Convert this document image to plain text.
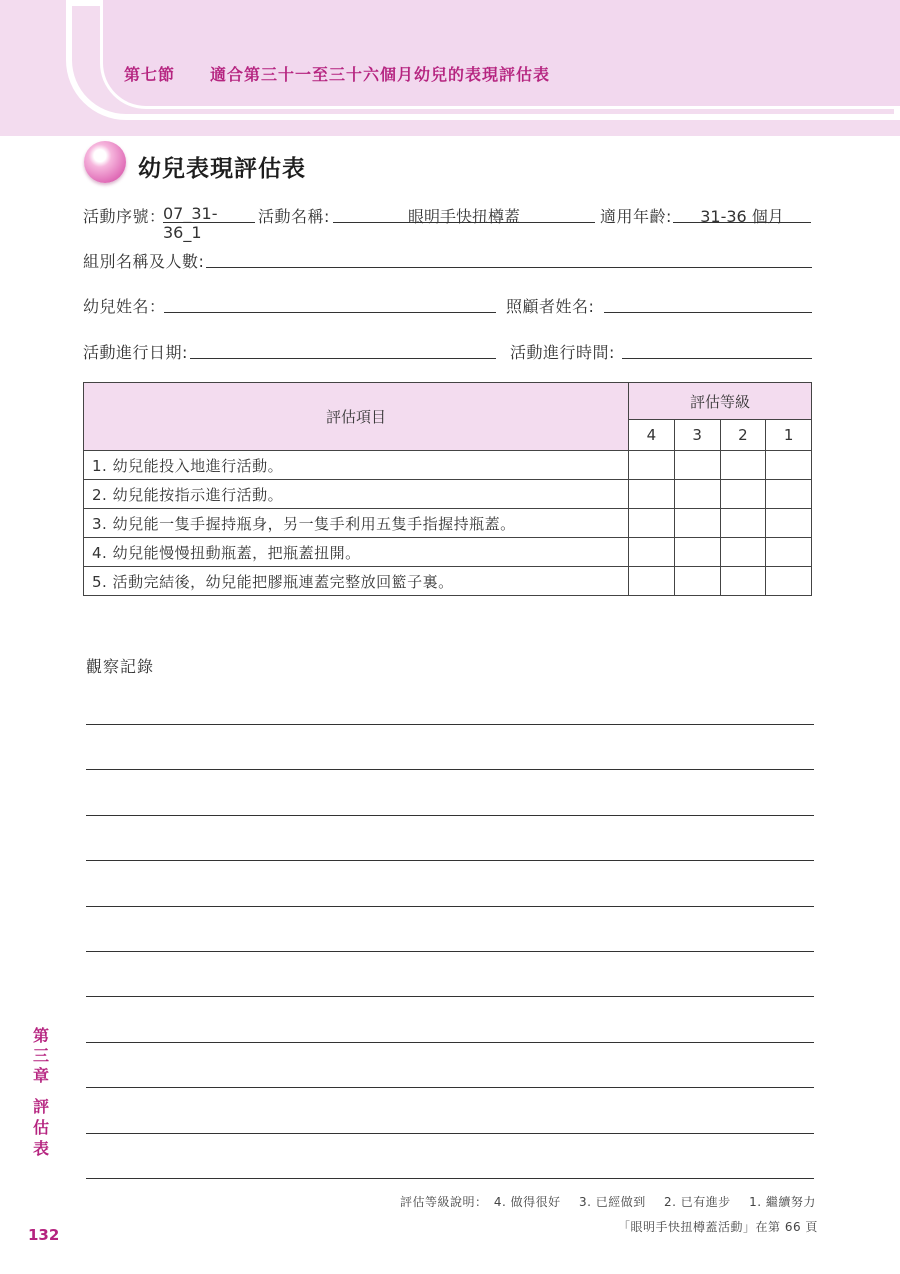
第七節 適合第三十一至三十六個月幼兒的表現評估表
幼兒表現評估表
活動序號：
07_31-36_1
活動名稱:	眼明手快扭樽蓋	適用年齡:	31-36 個月
組別名稱及人數:
幼兒姓名：	照顧者姓名:
活動進行日期:	活動進行時間:
評估項目	評估等級			
	4	3	2	1
1. 幼兒能投入地進行活動。				
2. 幼兒能按指示進行活動。				
3. 幼兒能一隻手握持瓶身，另一隻手利用五隻手指握持瓶蓋。				
4. 幼兒能慢慢扭動瓶蓋，把瓶蓋扭開。				
5. 活動完結後，幼兒能把膠瓶連蓋完整放回籃子裏。				
觀察記錄
評估等級說明： 4. 做得很好 3. 已經做到 2. 已有進步 1. 繼續努力
「眼明手快扭樽蓋活動」在第 66 頁
第三章
評估表
132
